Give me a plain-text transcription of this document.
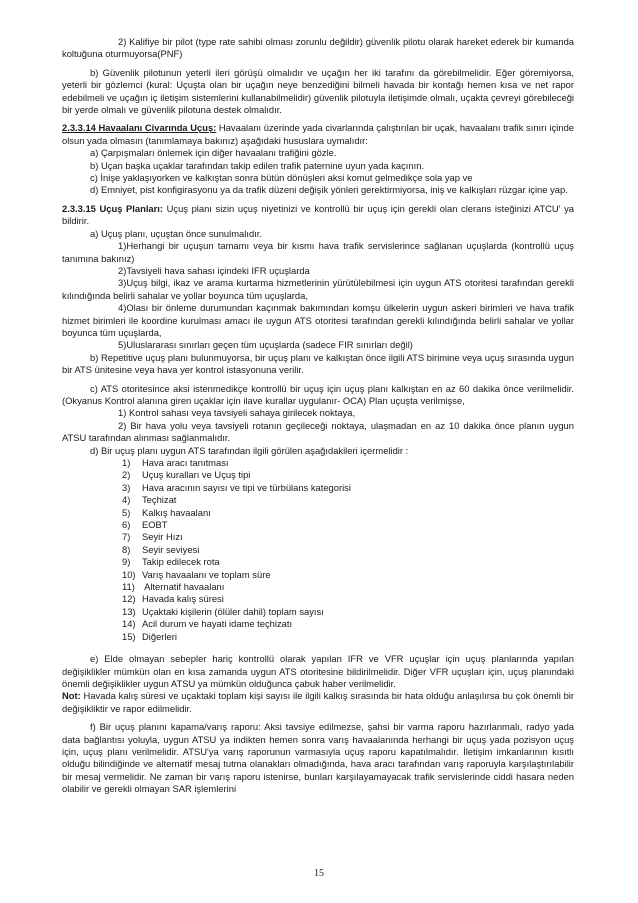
2) Kalifiye bir pilot (type rate sahibi olması zorunlu değildir) güvenlik pilotu olarak hareket ederek bir kumanda koltuğuna oturmuyorsa(PNF)

b) Güvenlik pilotunun yeterli ileri görüşü olmalıdır ve uçağın her iki tarafını da görebilmelidir. Eğer göremiyorsa, yeterli bir gözlemci (kural: Uçuşta olan bir uçağın neye benzediğini bilmeli havada bir kontağı hemen kısa ve net rapor edebilmeli ve uçağın iç iletişim sistemlerini kullanabilmelidir) güvenlik pilotuyla iletişimde olmalı, uçakta çevreyi görebileceği bir yerde olmalı ve güvenlik pilotuna destek olmalıdır.

2.3.3.14 Havaalanı Civarında Uçuş: Havaalanı üzerinde yada civarlarında çalıştırılan bir uçak, havaalanı trafik sınırı içinde olsun yada olmasın (tanımlamaya bakınız) aşağıdaki hususlara uymalıdır:
a) Çarpışmaları önlemek için diğer havaalanı trafiğini gözle.
b) Uçan başka uçaklar tarafından takip edilen trafik paternine uyun yada kaçının.
c) İnişe yaklaşıyorken ve kalkıştan sonra bütün dönüşleri aksi komut gelmedikçe sola yap ve
d) Emniyet, pist konfigirasyonu ya da trafik düzeni değişik yönleri gerektirmiyorsa, iniş ve kalkışları rüzgar içine yap.
2.3.3.15 Uçuş Planları: Uçuş planı sizin uçuş niyetinizi ve kontrollü bir uçuş için gerekli olan clerans isteğinizi ATCU' ya bildirir.
a) Uçuş planı, uçuştan önce sunulmalıdır.
1)Herhangi bir uçuşun tamamı veya bir kısmı hava trafik servislerince sağlanan uçuşlarda (kontrollü uçuş tanımına bakınız)
2)Tavsiyeli hava sahası içindeki IFR uçuşlarda
3)Uçuş bilgi, ikaz ve arama kurtarma hizmetlerinin yürütülebilmesi için uygun ATS otoritesi tarafından gerekli kılındığında belirli sahalar ve yollar boyunca tüm uçuşlarda,
4)Olası bir önleme durumundan kaçınmak bakımından komşu ülkelerin uygun askeri birimleri ve hava trafik hizmet birimleri ile koordine kurulması amacı ile uygun ATS otoritesi tarafından gerekli kılındığında belirli sahalar ve yollar boyunca tüm uçuşlarda,
5)Uluslararası sınırları geçen tüm uçuşlarda (sadece FIR sınırları değil)
b) Repetitive uçuş planı bulunmuyorsa, bir uçuş planı ve kalkıştan önce ilgili ATS birimine veya uçuş sırasında uygun bir ATS ünitesine veya hava yer kontrol istasyonuna verilir.
c) ATS otoritesince aksi istenmedikçe kontrollü bir uçuş için uçuş planı kalkıştan en az 60 dakika önce verilmelidir.(Okyanus Kontrol alanına giren uçaklar için ilave kurallar uygulanır- OCA) Plan uçuşta verilmişse,
1) Kontrol sahası veya tavsiyeli sahaya girilecek noktaya,
2) Bir hava yolu veya tavsiyeli rotanın geçileceği noktaya, ulaşmadan en az 10 dakika önce planın uygun ATSU tarafından alınması sağlanmalıdır.
d) Bir uçuş planı uygun ATS tarafından ilgili görülen aşağıdakileri içermelidir :
1) Hava aracı tanıtması
2) Uçuş kuralları ve Uçuş tipi
3) Hava aracının sayısı ve tipi ve türbülans kategorisi
4) Teçhizat
5) Kalkış havaalanı
6) EOBT
7) Seyir Hızı
8) Seyir seviyesi
9) Takip edilecek rota
10) Varış havaalanı ve toplam süre
11) Alternatif havaalanı
12) Havada kalış süresi
13) Uçaktaki kişilerin (ölüler dahil) toplam sayısı
14) Acil durum ve hayati idame teçhizatı
15) Diğerleri
e) Elde olmayan sebepler hariç kontrollü olarak yapılan IFR ve VFR uçuşlar için uçuş planlarında yapılan değişiklikler mümkün olan en kısa zamanda uygun ATS otoritesine bildirilmelidir. Diğer VFR uçuşları için, uçuş planındaki önemli değişiklikler uygun ATSU ya mümkün olduğunca çabuk haber verilmelidir.
Not: Havada kalış süresi ve uçaktaki toplam kişi sayısı ile ilgili kalkış sırasında bir hata olduğu anlaşılırsa bu çok önemli bir değişikliktir ve rapor edilmelidir.

f) Bir uçuş planını kapama/varış raporu: Aksi tavsiye edilmezse, şahsi bir varma raporu hazırlanmalı, radyo yada data bağlantısı yoluyla, uygun ATSU ya indikten hemen sonra varış havaalanında herhangi bir uçuş yada pozisyon uçuş için, uçuş planı verilmelidir. ATSU'ya varış raporunun varmasıyla uçuş raporu kapatılmalıdır. İletişim imkanlarının kısıtlı olduğu bilindiğinde ve alternatif mesaj tutma olanakları olmadığında, hava aracı tarafından varış raporuyla karşılaştırılabilir bir mesaj vermelidir. Ne zaman bir varış raporu istenirse, bunları karşılayamayacak trafik servislerinde ciddi hasara neden olabilir ve gerekli olmayan SAR işlemlerini

15
